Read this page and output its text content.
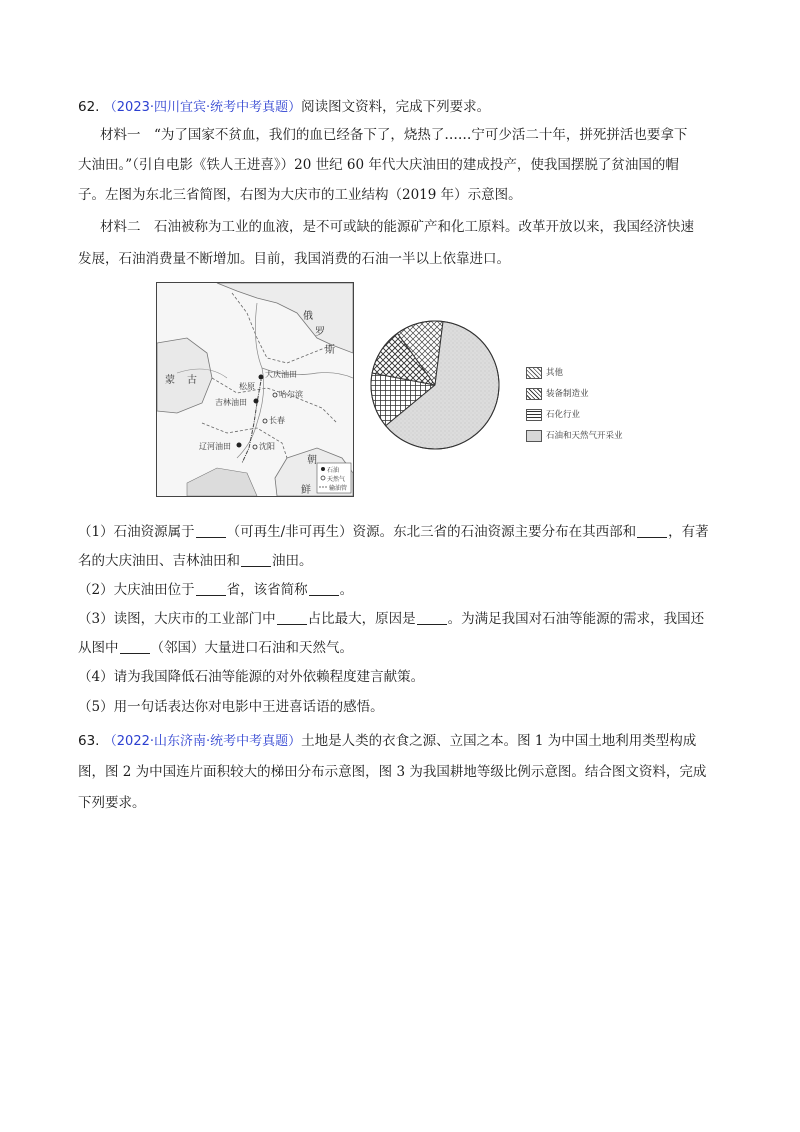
62. （2023·四川宜宾·统考中考真题）阅读图文资料，完成下列要求。

材料一　“为了国家不贫血，我们的血已经备下了，烧热了……宁可少活二十年，拼死拼活也要拿下

大油田。”（引自电影《铁人王进喜》）20 世纪 60 年代大庆油田的建成投产，使我国摆脱了贫油国的帽

子。左图为东北三省简图，右图为大庆市的工业结构（2019 年）示意图。

材料二　石油被称为工业的血液，是不可或缺的能源矿产和化工原料。改革开放以来，我国经济快速

发展，石油消费量不断增加。目前，我国消费的石油一半以上依靠进口。

俄
罗
斯
蒙 古
大庆油田
松原
吉林油田
哈尔滨
长春
辽河油田	沈阳
朝
鲜
石油
天然气
输油管
其他
装备制造业
石化行业
石油和天然气开采业

（1）石油资源属于 （可再生/非可再生）资源。东北三省的石油资源主要分布在其西部和 ，有著

名的大庆油田、吉林油田和 油田。

（2）大庆油田位于 省，该省简称 。

（3）读图，大庆市的工业部门中 占比最大，原因是 。为满足我国对石油等能源的需求，我国还

从图中 （邻国）大量进口石油和天然气。

（4）请为我国降低石油等能源的对外依赖程度建言献策。

（5）用一句话表达你对电影中王进喜话语的感悟。

63. （2022·山东济南·统考中考真题）土地是人类的衣食之源、立国之本。图 1 为中国土地利用类型构成

图，图 2 为中国连片面积较大的梯田分布示意图，图 3 为我国耕地等级比例示意图。结合图文资料，完成

下列要求。
